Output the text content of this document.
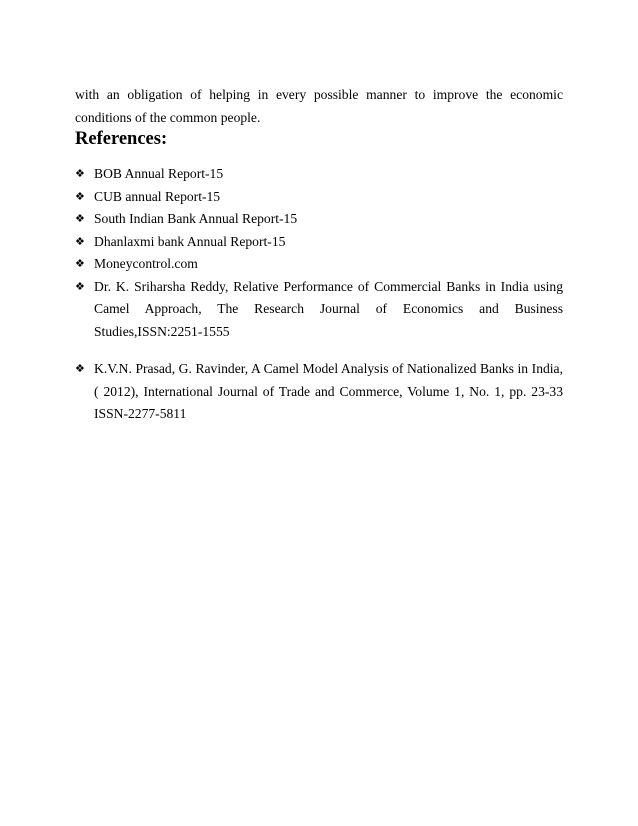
with an obligation of helping in every possible manner to improve the economic conditions of the common people.

References:
❖ BOB Annual Report-15
❖ CUB annual Report-15
❖ South Indian Bank Annual Report-15
❖ Dhanlaxmi bank Annual Report-15
❖ Moneycontrol.com
❖ Dr. K. Sriharsha Reddy, Relative Performance of Commercial Banks in India using Camel Approach, The Research Journal of Economics and Business Studies,ISSN:2251-1555
❖ K.V.N. Prasad, G. Ravinder, A Camel Model Analysis of Nationalized Banks in India, ( 2012), International Journal of Trade and Commerce, Volume 1, No. 1, pp. 23-33 ISSN-2277-5811
